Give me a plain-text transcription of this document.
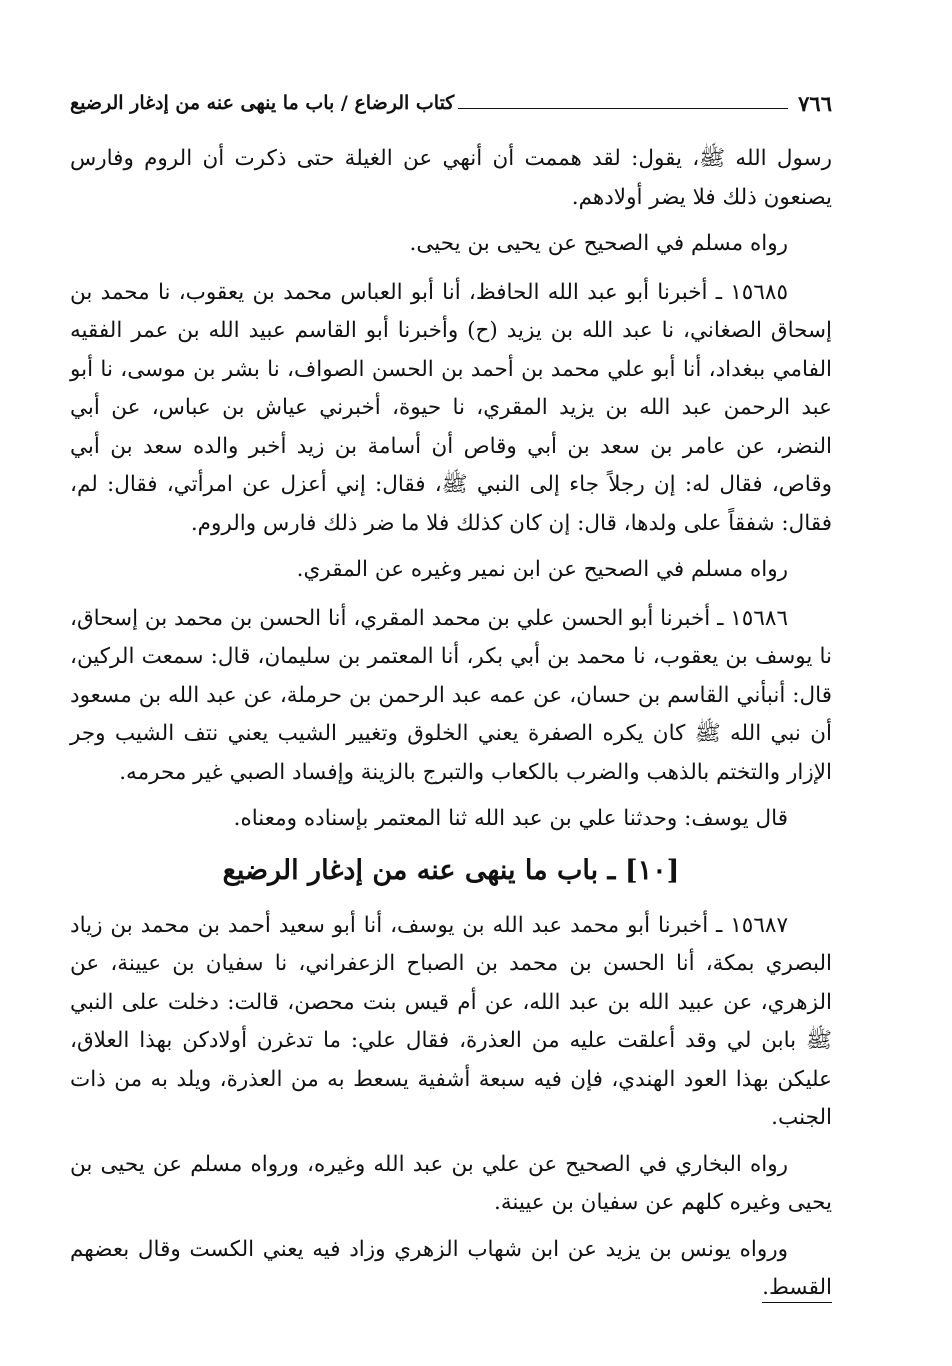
٧٦٦
كتاب الرضاع / باب ما ينهى عنه من إدغار الرضيع

رسول الله ﷺ، يقول: لقد هممت أن أنهي عن الغيلة حتى ذكرت أن الروم وفارس يصنعون ذلك فلا يضر أولادهم.

رواه مسلم في الصحيح عن يحيى بن يحيى.

١٥٦٨٥ ـ أخبرنا أبو عبد الله الحافظ، أنا أبو العباس محمد بن يعقوب، نا محمد بن إسحاق الصغاني، نا عبد الله بن يزيد (ح) وأخبرنا أبو القاسم عبيد الله بن عمر الفقيه الفامي ببغداد، أنا أبو علي محمد بن أحمد بن الحسن الصواف، نا بشر بن موسى، نا أبو عبد الرحمن عبد الله بن يزيد المقري، نا حيوة، أخبرني عياش بن عباس، عن أبي النضر، عن عامر بن سعد بن أبي وقاص أن أسامة بن زيد أخبر والده سعد بن أبي وقاص، فقال له: إن رجلاً جاء إلى النبي ﷺ، فقال: إني أعزل عن امرأتي، فقال: لم، فقال: شفقاً على ولدها، قال: إن كان كذلك فلا ما ضر ذلك فارس والروم.

رواه مسلم في الصحيح عن ابن نمير وغيره عن المقري.

١٥٦٨٦ ـ أخبرنا أبو الحسن علي بن محمد المقري، أنا الحسن بن محمد بن إسحاق، نا يوسف بن يعقوب، نا محمد بن أبي بكر، أنا المعتمر بن سليمان، قال: سمعت الركين، قال: أنبأني القاسم بن حسان، عن عمه عبد الرحمن بن حرملة، عن عبد الله بن مسعود أن نبي الله ﷺ كان يكره الصفرة يعني الخلوق وتغيير الشيب يعني نتف الشيب وجر الإزار والتختم بالذهب والضرب بالكعاب والتبرج بالزينة وإفساد الصبي غير محرمه.

قال يوسف: وحدثنا علي بن عبد الله ثنا المعتمر بإسناده ومعناه.

[١٠] ـ باب ما ينهى عنه من إدغار الرضيع

١٥٦٨٧ ـ أخبرنا أبو محمد عبد الله بن يوسف، أنا أبو سعيد أحمد بن محمد بن زياد البصري بمكة، أنا الحسن بن محمد بن الصباح الزعفراني، نا سفيان بن عيينة، عن الزهري، عن عبيد الله بن عبد الله، عن أم قيس بنت محصن، قالت: دخلت على النبي ﷺ بابن لي وقد أعلقت عليه من العذرة، فقال علي: ما تدغرن أولادكن بهذا العلاق، عليكن بهذا العود الهندي، فإن فيه سبعة أشفية يسعط به من العذرة، ويلد به من ذات الجنب.

رواه البخاري في الصحيح عن علي بن عبد الله وغيره، ورواه مسلم عن يحيى بن يحيى وغيره كلهم عن سفيان بن عيينة.

ورواه يونس بن يزيد عن ابن شهاب الزهري وزاد فيه يعني الكست وقال بعضهم القسط.
